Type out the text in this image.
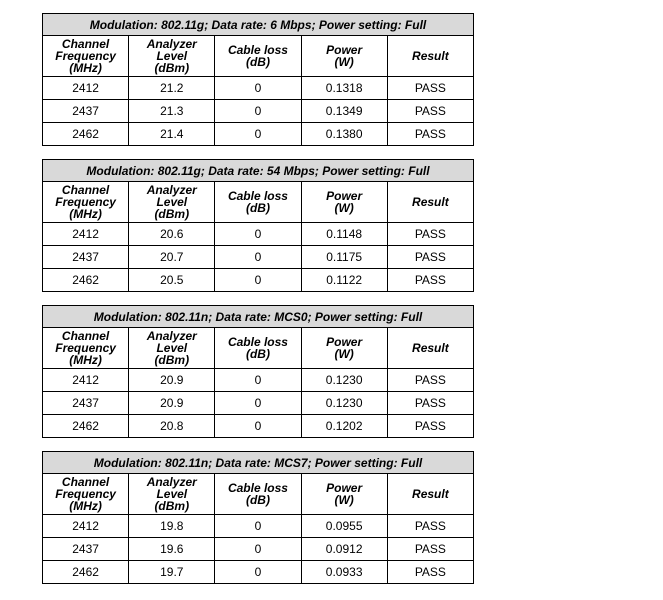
Modulation: 802.11g; Data rate: 6 Mbps; Power setting: Full				

Channel
Frequency
(MHz)	Analyzer
Level
(dBm)	Cable loss
(dB)	Power
(W)	Result
2412	21.2	0	0.1318	PASS
2437	21.3	0	0.1349	PASS
2462	21.4	0	0.1380	PASS
Modulation: 802.11g; Data rate: 54 Mbps; Power setting: Full				

Channel
Frequency
(MHz)	Analyzer
Level
(dBm)	Cable loss
(dB)	Power
(W)	Result
2412	20.6	0	0.1148	PASS
2437	20.7	0	0.1175	PASS
2462	20.5	0	0.1122	PASS
Modulation: 802.11n; Data rate: MCS0; Power setting: Full				

Channel
Frequency
(MHz)	Analyzer
Level
(dBm)	Cable loss
(dB)	Power
(W)	Result
2412	20.9	0	0.1230	PASS
2437	20.9	0	0.1230	PASS
2462	20.8	0	0.1202	PASS
Modulation: 802.11n; Data rate: MCS7; Power setting: Full				

Channel
Frequency
(MHz)	Analyzer
Level
(dBm)	Cable loss
(dB)	Power
(W)	Result
2412	19.8	0	0.0955	PASS
2437	19.6	0	0.0912	PASS
2462	19.7	0	0.0933	PASS
